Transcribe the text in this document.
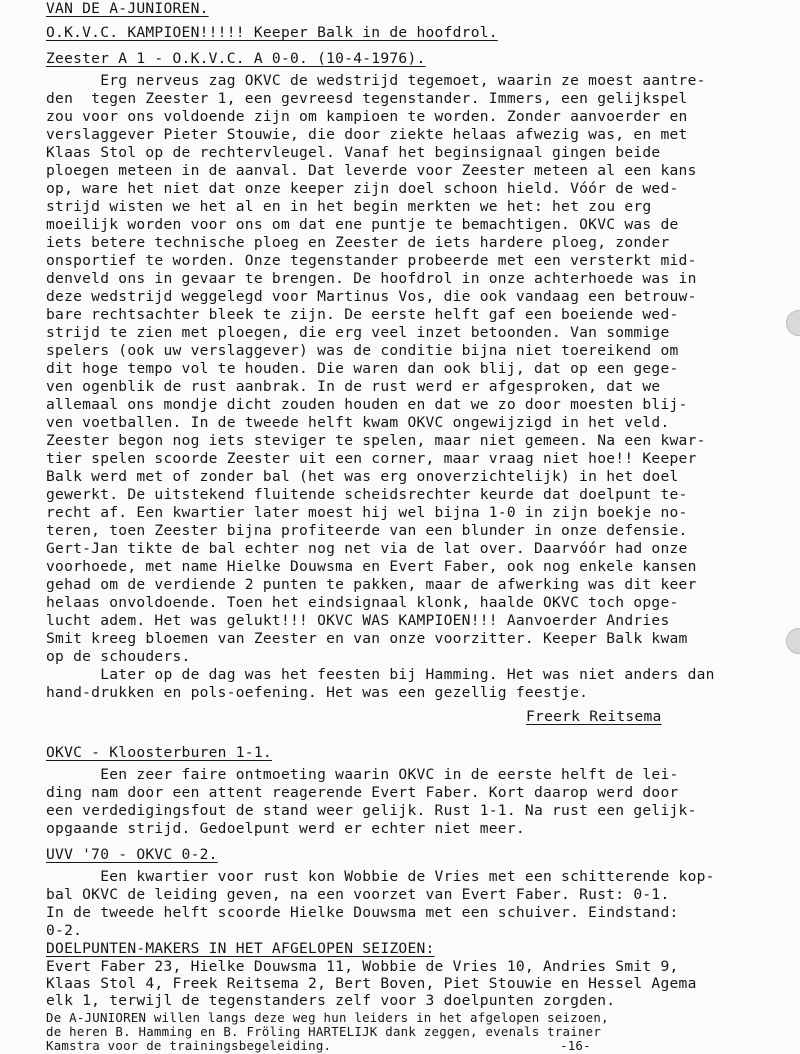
VAN DE A-JUNIOREN.
O.K.V.C. KAMPIOEN!!!!! Keeper Balk in de hoofdrol.
Zeester A 1 - O.K.V.C. A 0-0. (10-4-1976).
Erg nerveus zag OKVC de wedstrijd tegemoet, waarin ze moest aantre-
den  tegen Zeester 1, een gevreesd tegenstander. Immers, een gelijkspel
zou voor ons voldoende zijn om kampioen te worden. Zonder aanvoerder en
verslaggever Pieter Stouwie, die door ziekte helaas afwezig was, en met
Klaas Stol op de rechtervleugel. Vanaf het beginsignaal gingen beide
ploegen meteen in de aanval. Dat leverde voor Zeester meteen al een kans
op, ware het niet dat onze keeper zijn doel schoon hield. Vóór de wed-
strijd wisten we het al en in het begin merkten we het: het zou erg
moeilijk worden voor ons om dat ene puntje te bemachtigen. OKVC was de
iets betere technische ploeg en Zeester de iets hardere ploeg, zonder
onsportief te worden. Onze tegenstander probeerde met een versterkt mid-
denveld ons in gevaar te brengen. De hoofdrol in onze achterhoede was in
deze wedstrijd weggelegd voor Martinus Vos, die ook vandaag een betrouw-
bare rechtsachter bleek te zijn. De eerste helft gaf een boeiende wed-
strijd te zien met ploegen, die erg veel inzet betoonden. Van sommige
spelers (ook uw verslaggever) was de conditie bijna niet toereikend om
dit hoge tempo vol te houden. Die waren dan ook blij, dat op een gege-
ven ogenblik de rust aanbrak. In de rust werd er afgesproken, dat we
allemaal ons mondje dicht zouden houden en dat we zo door moesten blij-
ven voetballen. In de tweede helft kwam OKVC ongewijzigd in het veld.
Zeester begon nog iets steviger te spelen, maar niet gemeen. Na een kwar-
tier spelen scoorde Zeester uit een corner, maar vraag niet hoe!! Keeper
Balk werd met of zonder bal (het was erg onoverzichtelijk) in het doel
gewerkt. De uitstekend fluitende scheidsrechter keurde dat doelpunt te-
recht af. Een kwartier later moest hij wel bijna 1-0 in zijn boekje no-
teren, toen Zeester bijna profiteerde van een blunder in onze defensie.
Gert-Jan tikte de bal echter nog net via de lat over. Daarvóór had onze
voorhoede, met name Hielke Douwsma en Evert Faber, ook nog enkele kansen
gehad om de verdiende 2 punten te pakken, maar de afwerking was dit keer
helaas onvoldoende. Toen het eindsignaal klonk, haalde OKVC toch opge-
lucht adem. Het was gelukt!!! OKVC WAS KAMPIOEN!!! Aanvoerder Andries
Smit kreeg bloemen van Zeester en van onze voorzitter. Keeper Balk kwam
op de schouders.
Later op de dag was het feesten bij Hamming. Het was niet anders dan
hand-drukken en pols-oefening. Het was een gezellig feestje.
Freerk Reitsema
OKVC - Kloosterburen 1-1.
Een zeer faire ontmoeting waarin OKVC in de eerste helft de lei-
ding nam door een attent reagerende Evert Faber. Kort daarop werd door
een verdedigingsfout de stand weer gelijk. Rust 1-1. Na rust een gelijk-
opgaande strijd. Gedoelpunt werd er echter niet meer.
UVV '70 - OKVC 0-2.
Een kwartier voor rust kon Wobbie de Vries met een schitterende kop-
bal OKVC de leiding geven, na een voorzet van Evert Faber. Rust: 0-1.
In de tweede helft scoorde Hielke Douwsma met een schuiver. Eindstand:
0-2.
DOELPUNTEN-MAKERS IN HET AFGELOPEN SEIZOEN:
Evert Faber 23, Hielke Douwsma 11, Wobbie de Vries 10, Andries Smit 9,
Klaas Stol 4, Freek Reitsema 2, Bert Boven, Piet Stouwie en Hessel Agema
elk 1, terwijl de tegenstanders zelf voor 3 doelpunten zorgden.
De A-JUNIOREN willen langs deze weg hun leiders in het afgelopen seizoen,
de heren B. Hamming en B. Fröling HARTELIJK dank zeggen, evenals trainer
Kamstra voor de trainingsbegeleiding.	-16-
